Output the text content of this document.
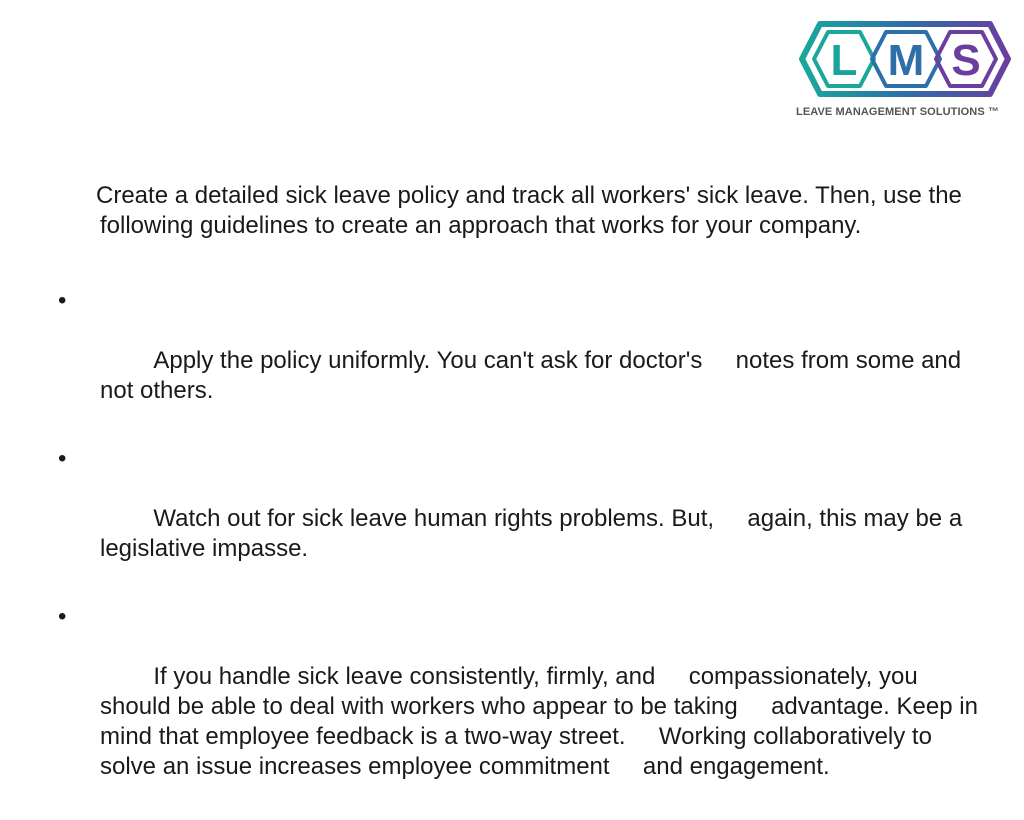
L M S
LEAVE MANAGEMENT SOLUTIONS ™

Create a detailed sick leave policy and track all workers' sick leave. Then, use the following guidelines to create an approach that works for your company.

•

Apply the policy uniformly. You can't ask for doctor's     notes from some and not others.

•

Watch out for sick leave human rights problems. But,     again, this may be a legislative impasse.

•

If you handle sick leave consistently, firmly, and     compassionately, you should be able to deal with workers who appear to be taking     advantage. Keep in mind that employee feedback is a two-way street.     Working collaboratively to solve an issue increases employee commitment     and engagement.
